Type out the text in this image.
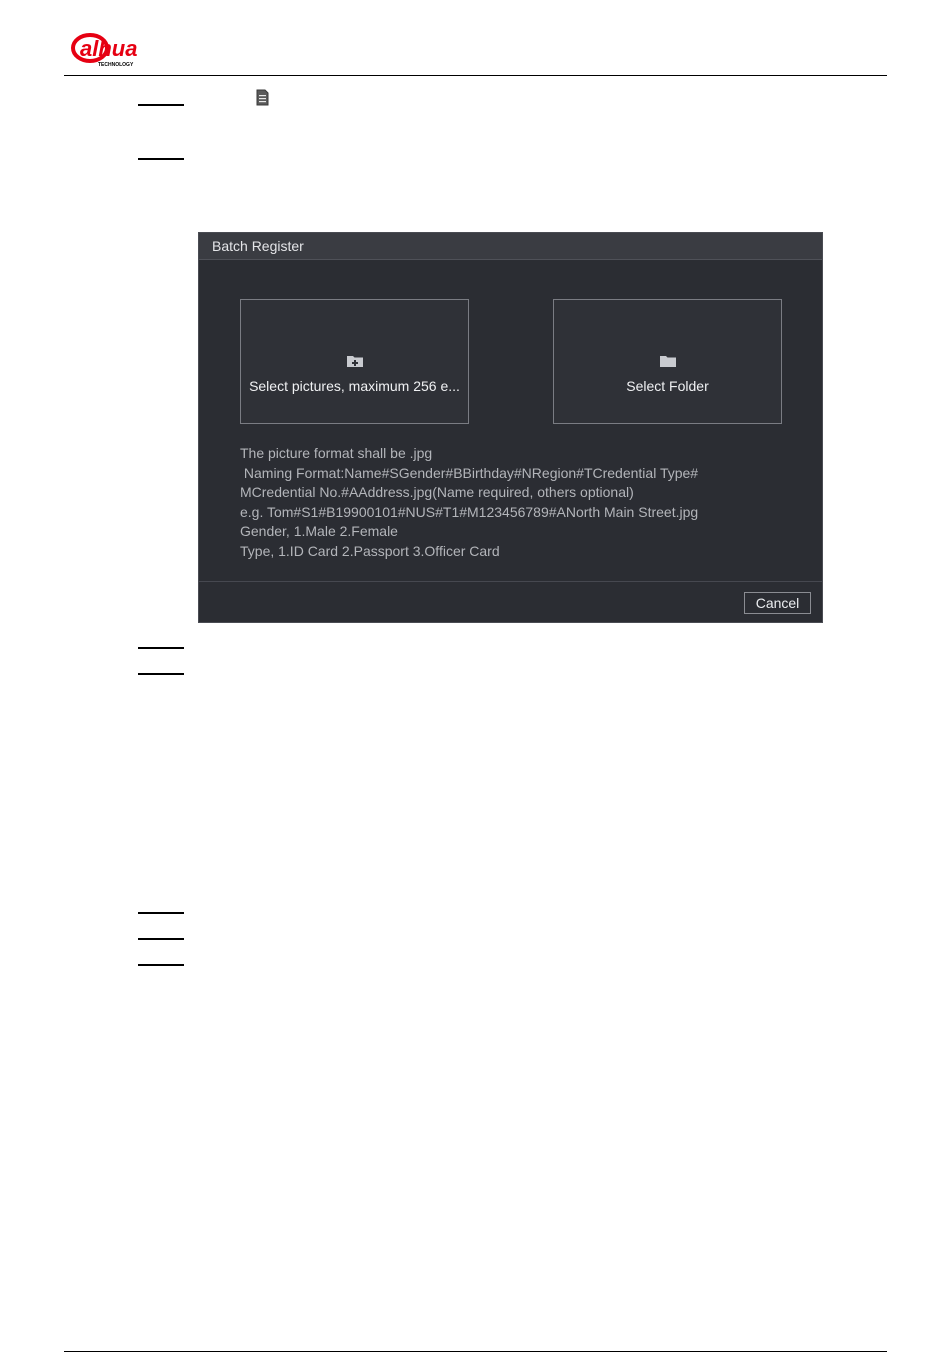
alhua
TECHNOLOGY
Batch Register
Select pictures, maximum 256 e...	Select Folder
The picture format shall be .jpg
Naming Format:Name#SGender#BBirthday#NRegion#TCredential Type#
MCredential No.#AAddress.jpg(Name required, others optional)
e.g. Tom#S1#B19900101#NUS#T1#M123456789#ANorth Main Street.jpg
Gender, 1.Male 2.Female
Type, 1.ID Card 2.Passport 3.Officer Card
Cancel
